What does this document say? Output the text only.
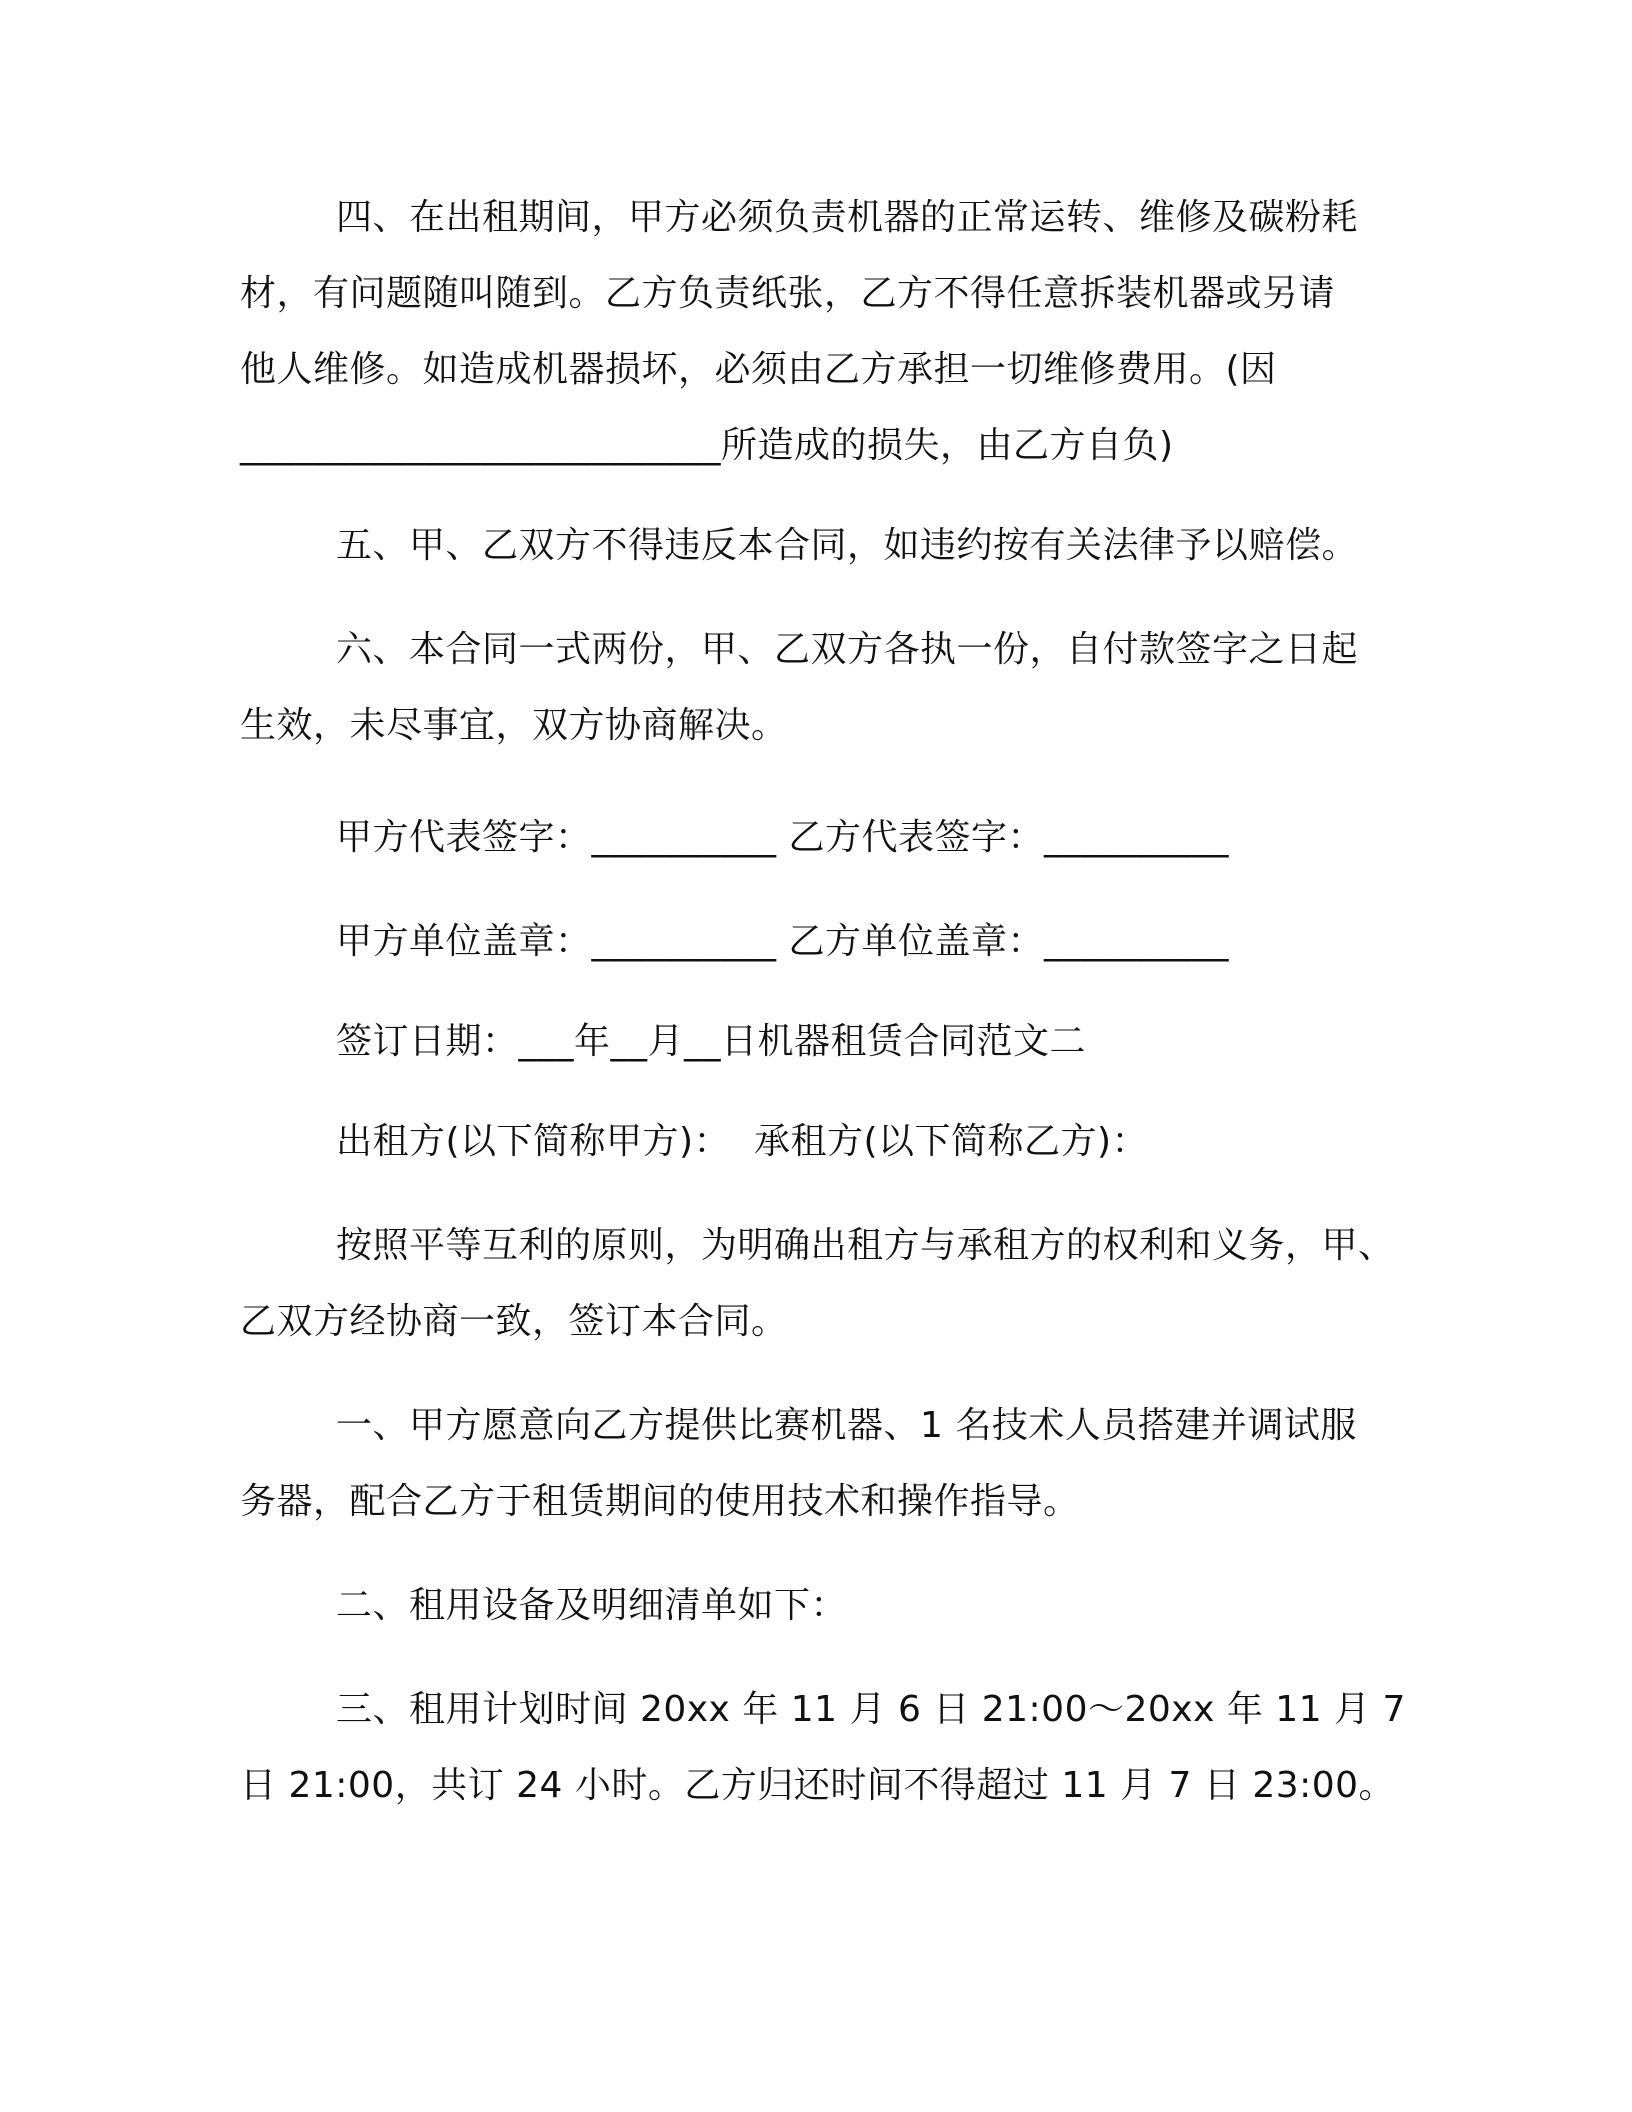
四、在出租期间，甲方必须负责机器的正常运转、维修及碳粉耗
材，有问题随叫随到。乙方负责纸张，乙方不得任意拆装机器或另请
他人维修。如造成机器损坏，必须由乙方承担一切维修费用。(因
__________________________所造成的损失，由乙方自负)
五、甲、乙双方不得违反本合同，如违约按有关法律予以赔偿。
六、本合同一式两份，甲、乙双方各执一份，自付款签字之日起
生效，未尽事宜，双方协商解决。
甲方代表签字：__________ 乙方代表签字：__________
甲方单位盖章：__________ 乙方单位盖章：__________
签订日期：___年__月__日机器租赁合同范文二
出租方(以下简称甲方)：  承租方(以下简称乙方)：
按照平等互利的原则，为明确出租方与承租方的权利和义务，甲、
乙双方经协商一致，签订本合同。
一、甲方愿意向乙方提供比赛机器、1 名技术人员搭建并调试服
务器，配合乙方于租赁期间的使用技术和操作指导。
二、租用设备及明细清单如下：
三、租用计划时间 20xx 年 11 月 6 日 21:00～20xx 年 11 月 7
日 21:00，共订 24 小时。乙方归还时间不得超过 11 月 7 日 23:00。
